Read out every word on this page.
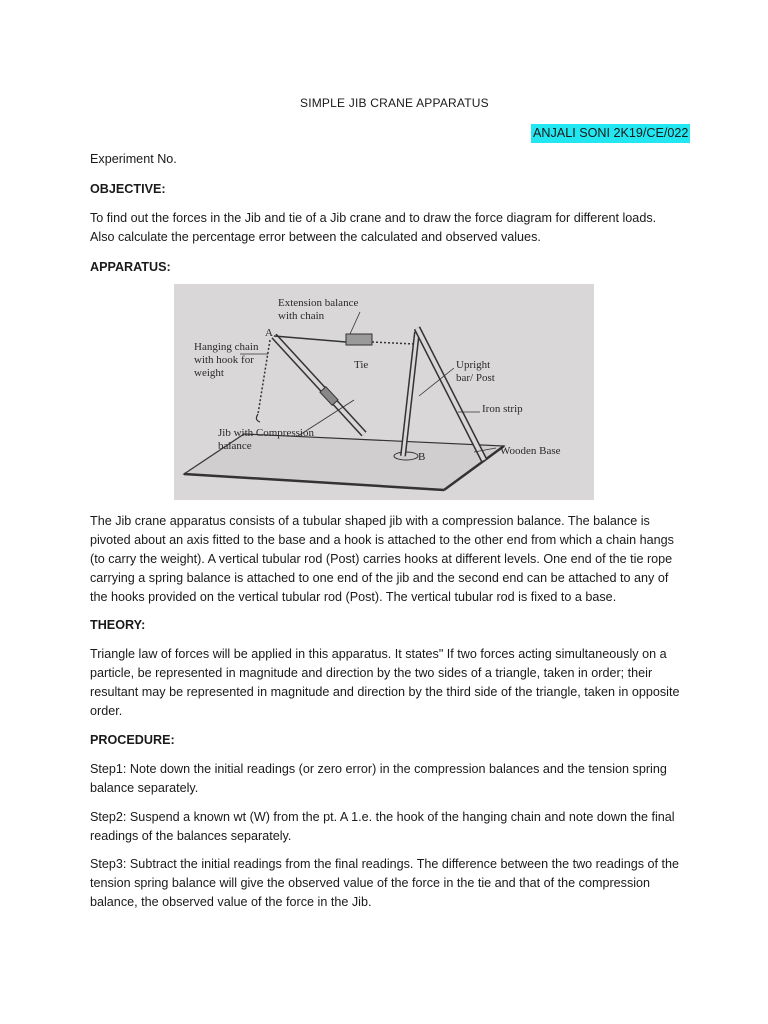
SIMPLE JIB CRANE APPARATUS
ANJALI SONI 2K19/CE/022
Experiment No.
OBJECTIVE:

To find out the forces in the Jib and tie of a Jib crane and to draw the force diagram for different loads. Also calculate the percentage error between the calculated and observed values.

APPARATUS:
Extension balance
with chain
Hanging chain
with hook for
weight
Tie	Upright
bar/ Post
Iron strip
Jib with Compression
balance	Wooden Base
A
B

The Jib crane apparatus consists of a tubular shaped jib with a compression balance. The balance is pivoted about an axis fitted to the base and a hook is attached to the other end from which a chain hangs (to carry the weight). A vertical tubular rod (Post) carries hooks at different levels. One end of the tie rope carrying a spring balance is attached to one end of the jib and the second end can be attached to any of the hooks provided on the vertical tubular rod (Post). The vertical tubular rod is fixed to a base.

THEORY:

Triangle law of forces will be applied in this apparatus. It states" If two forces acting simultaneously on a particle, be represented in magnitude and direction by the two sides of a triangle, taken in order; their resultant may be represented in magnitude and direction by the third side of the triangle, taken in opposite order.

PROCEDURE:

Step1: Note down the initial readings (or zero error) in the compression balances and the tension spring balance separately.

Step2: Suspend a known wt (W) from the pt. A 1.e. the hook of the hanging chain and note down the final readings of the balances separately.

Step3: Subtract the initial readings from the final readings. The difference between the two readings of the tension spring balance will give the observed value of the force in the tie and that of the compression balance, the observed value of the force in the Jib.
